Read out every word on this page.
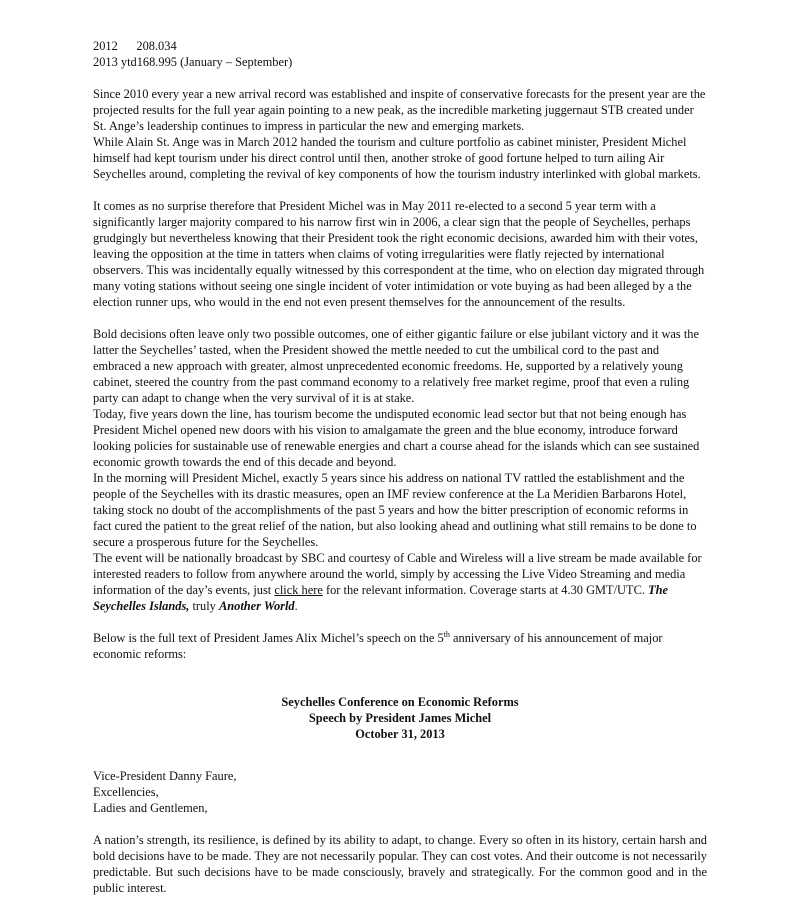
2012      208.034

2013 ytd168.995 (January – September)

Since 2010 every year a new arrival record was established and inspite of conservative forecasts for the present year are the projected results for the full year again pointing to a new peak, as the incredible marketing juggernaut STB created under St. Ange’s leadership continues to impress in particular the new and emerging markets.

While Alain St. Ange was in March 2012 handed the tourism and culture portfolio as cabinet minister, President Michel himself had kept tourism under his direct control until then, another stroke of good fortune helped to turn ailing Air Seychelles around, completing the revival of key components of how the tourism industry interlinked with global markets.

It comes as no surprise therefore that President Michel was in May 2011 re-elected to a second 5 year term with a significantly larger majority compared to his narrow first win in 2006, a clear sign that the people of Seychelles, perhaps grudgingly but nevertheless knowing that their President took the right economic decisions, awarded him with their votes, leaving the opposition at the time in tatters when claims of voting irregularities were flatly rejected by international observers. This was incidentally equally witnessed by this correspondent at the time, who on election day migrated through many voting stations without seeing one single incident of voter intimidation or vote buying as had been alleged by a the election runner ups, who would in the end not even present themselves for the announcement of the results.

Bold decisions often leave only two possible outcomes, one of either gigantic failure or else jubilant victory and it was the latter the Seychelles’ tasted, when the President showed the mettle needed to cut the umbilical cord to the past and embraced a new approach with greater, almost unprecedented economic freedoms. He, supported by a relatively young cabinet, steered the country from the past command economy to a relatively free market regime, proof that even a ruling party can adapt to change when the very survival of it is at stake.

Today, five years down the line, has tourism become the undisputed economic lead sector but that not being enough has President Michel opened new doors with his vision to amalgamate the green and the blue economy, introduce forward looking policies for sustainable use of renewable energies and chart a course ahead for the islands which can see sustained economic growth towards the end of this decade and beyond.

In the morning will President Michel, exactly 5 years since his address on national TV rattled the establishment and the people of the Seychelles with its drastic measures, open an IMF review conference at the La Meridien Barbarons Hotel, taking stock no doubt of the accomplishments of the past 5 years and how the bitter prescription of economic reforms in fact cured the patient to the great relief of the nation, but also looking ahead and outlining what still remains to be done to secure a prosperous future for the Seychelles.

The event will be nationally broadcast by SBC and courtesy of Cable and Wireless will a live stream be made available for interested readers to follow from anywhere around the world, simply by accessing the Live Video Streaming and media information of the day’s events, just click here for the relevant information. Coverage starts at 4.30 GMT/UTC. The Seychelles Islands, truly Another World.

Below is the full text of President James Alix Michel’s speech on the 5th anniversary of his announcement of major economic reforms:

Seychelles Conference on Economic Reforms

Speech by President James Michel

October 31, 2013

Vice-President Danny Faure,

Excellencies,

Ladies and Gentlemen,

A nation’s strength, its resilience, is defined by its ability to adapt, to change. Every so often in its history, certain harsh and bold decisions have to be made. They are not necessarily popular. They can cost votes. And their outcome is not necessarily predictable. But such decisions have to be made consciously, bravely and strategically. For the common good and in the public interest.
